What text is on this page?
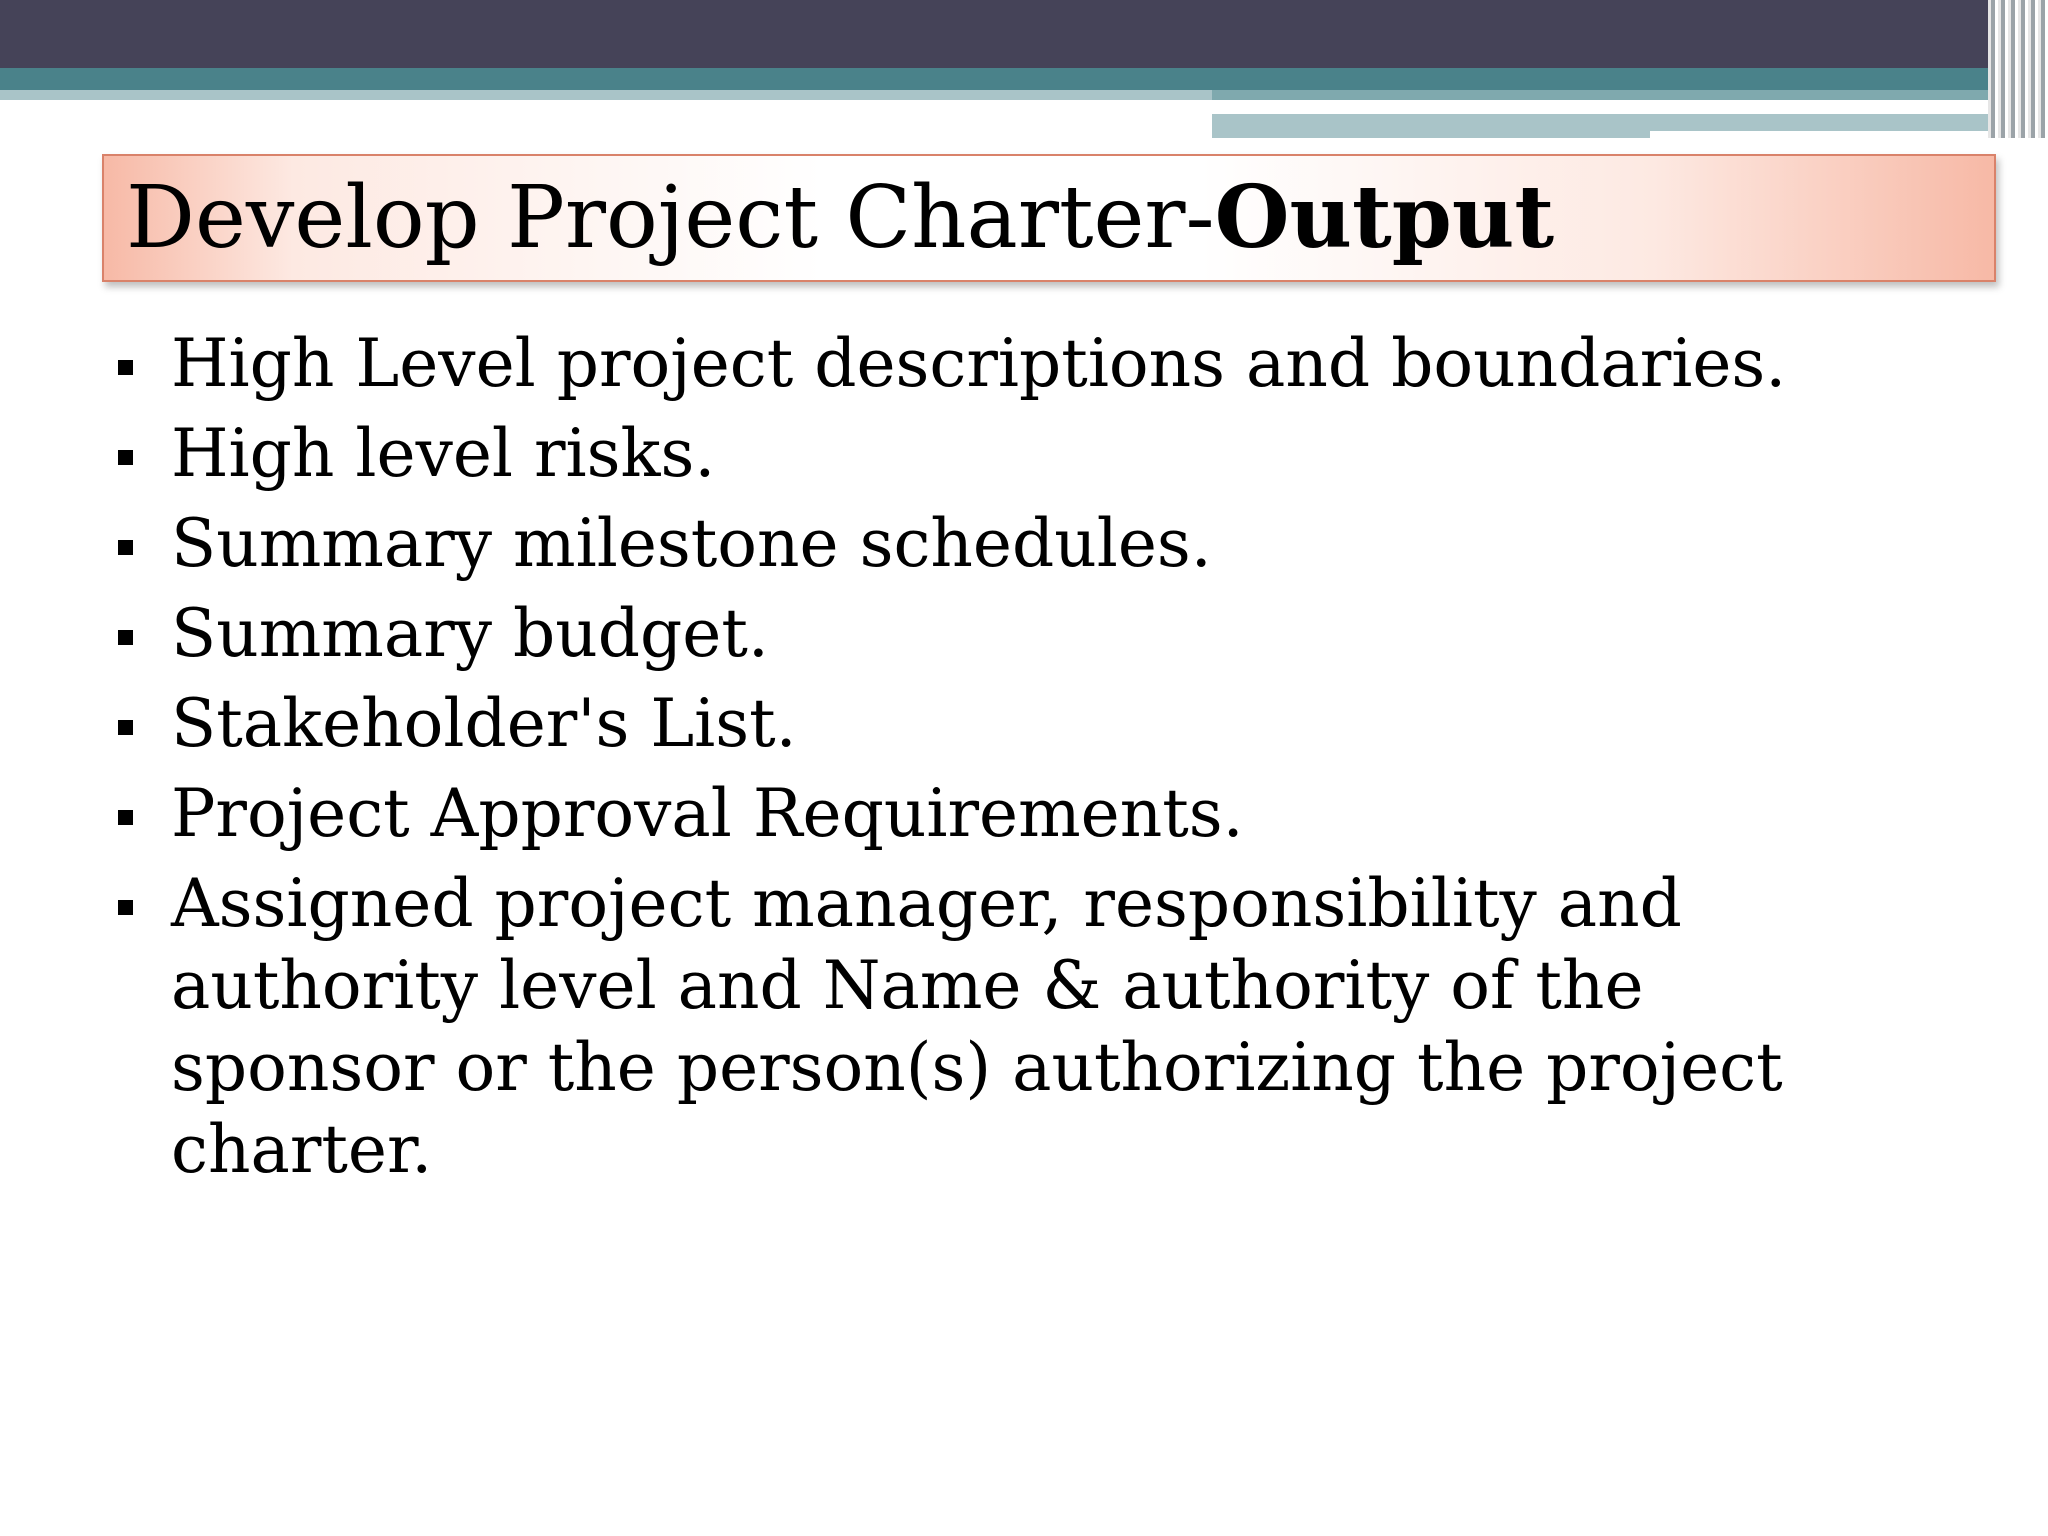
Develop Project Charter-Output
High Level project descriptions and boundaries.
High level risks.
Summary milestone schedules.
Summary budget.
Stakeholder's List.
Project Approval Requirements.
Assigned project manager, responsibility and authority level and Name & authority of the sponsor or the person(s) authorizing the project charter.
